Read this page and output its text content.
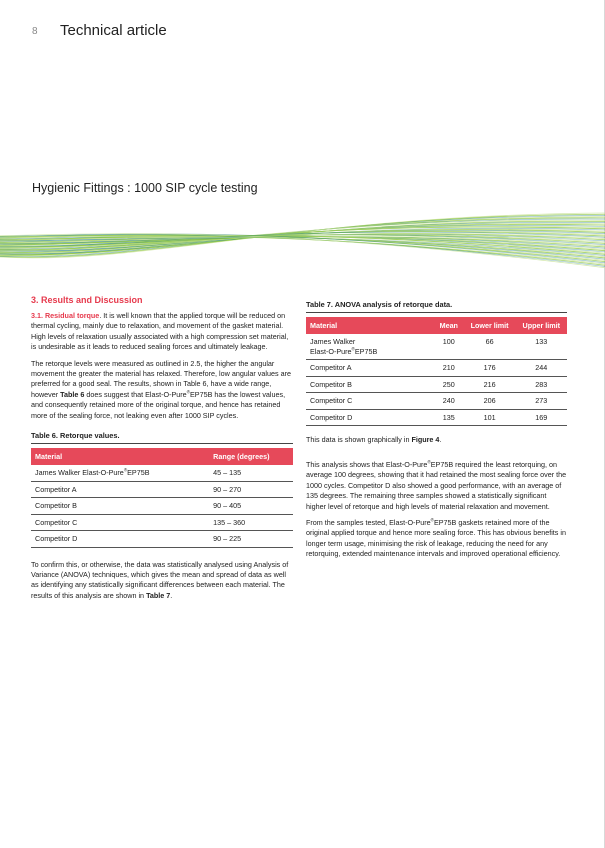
8 Technical article
Hygienic Fittings : 1000 SIP cycle testing
3. Results and Discussion

3.1. Residual torque. It is well known that the applied torque will be reduced on thermal cycling, mainly due to relaxation, and movement of the gasket material. High levels of relaxation usually associated with a high compression set material, is undesirable as it leads to reduced sealing forces and ultimately leakage.

The retorque levels were measured as outlined in 2.5, the higher the angular movement the greater the material has relaxed. Therefore, low angular values are preferred for a good seal. The results, shown in Table 6, have a wide range, however Table 6 does suggest that Elast-O-Pure®EP75B has the lowest values, and consequently retained more of the original torque, and hence has retained more of the sealing force, not leaking even after 1000 SIP cycles.

Table 6. Retorque values.
Material	Range (degrees)
James Walker Elast-O-Pure®EP75B	45 – 135
Competitor A	90 – 270
Competitor B	90 – 405
Competitor C	135 – 360
Competitor D	90 – 225

To confirm this, or otherwise, the data was statistically analysed using Analysis of Variance (ANOVA) techniques, which gives the mean and spread of data as well as identifying any statistically significant differences between each material. The results of this analysis are shown in Table 7.

Table 7. ANOVA analysis of retorque data.
Material	Mean	Lower limit	Upper limit
James Walker
Elast-O-Pure®EP75B	100	66	133
Competitor A	210	176	244
Competitor B	250	216	283
Competitor C	240	206	273
Competitor D	135	101	169

This data is shown graphically in Figure 4.

This analysis shows that Elast-O-Pure®EP75B required the least retorquing, on average 100 degrees, showing that it had retained the most sealing force over the 1000 cycles. Competitor D also showed a good performance, with an average of 135 degrees. The remaining three samples showed a statistically significant higher level of retorque and high levels of material relaxation and movement.

From the samples tested, Elast-O-Pure®EP75B gaskets retained more of the original applied torque and hence more sealing force. This has obvious benefits in longer term usage, minimising the risk of leakage, reducing the need for any retorquing, extended maintenance intervals and improved operational efficiency.
